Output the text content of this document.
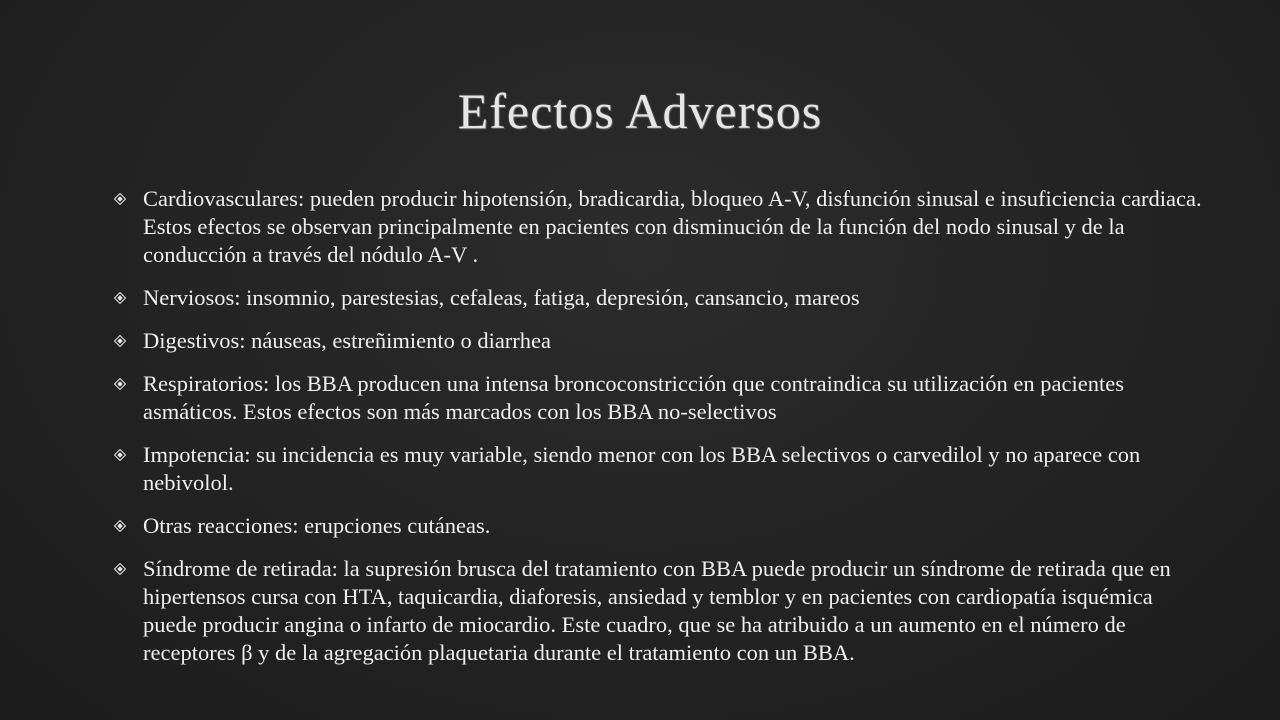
Efectos Adversos
Cardiovasculares: pueden producir hipotensión, bradicardia, bloqueo A-V, disfunción sinusal e insuficiencia cardiaca. Estos efectos se observan principalmente en pacientes con disminución de la función del nodo sinusal y de la conducción a través del nódulo A-V .
Nerviosos: insomnio, parestesias, cefaleas, fatiga, depresión, cansancio, mareos
Digestivos: náuseas, estreñimiento o diarrhea
Respiratorios: los BBA producen una intensa broncoconstricción que contraindica su utilización en pacientes asmáticos. Estos efectos son más marcados con los BBA no-selectivos
Impotencia: su incidencia es muy variable, siendo menor con los BBA selectivos o carvedilol y no aparece con nebivolol.
Otras reacciones: erupciones cutáneas.
Síndrome de retirada: la supresión brusca del tratamiento con BBA puede producir un síndrome de retirada que en hipertensos cursa con HTA, taquicardia, diaforesis, ansiedad y temblor y en pacientes con cardiopatía isquémica puede producir angina o infarto de miocardio. Este cuadro, que se ha atribuido a un aumento en el número de receptores β y de la agregación plaquetaria durante el tratamiento con un BBA.
